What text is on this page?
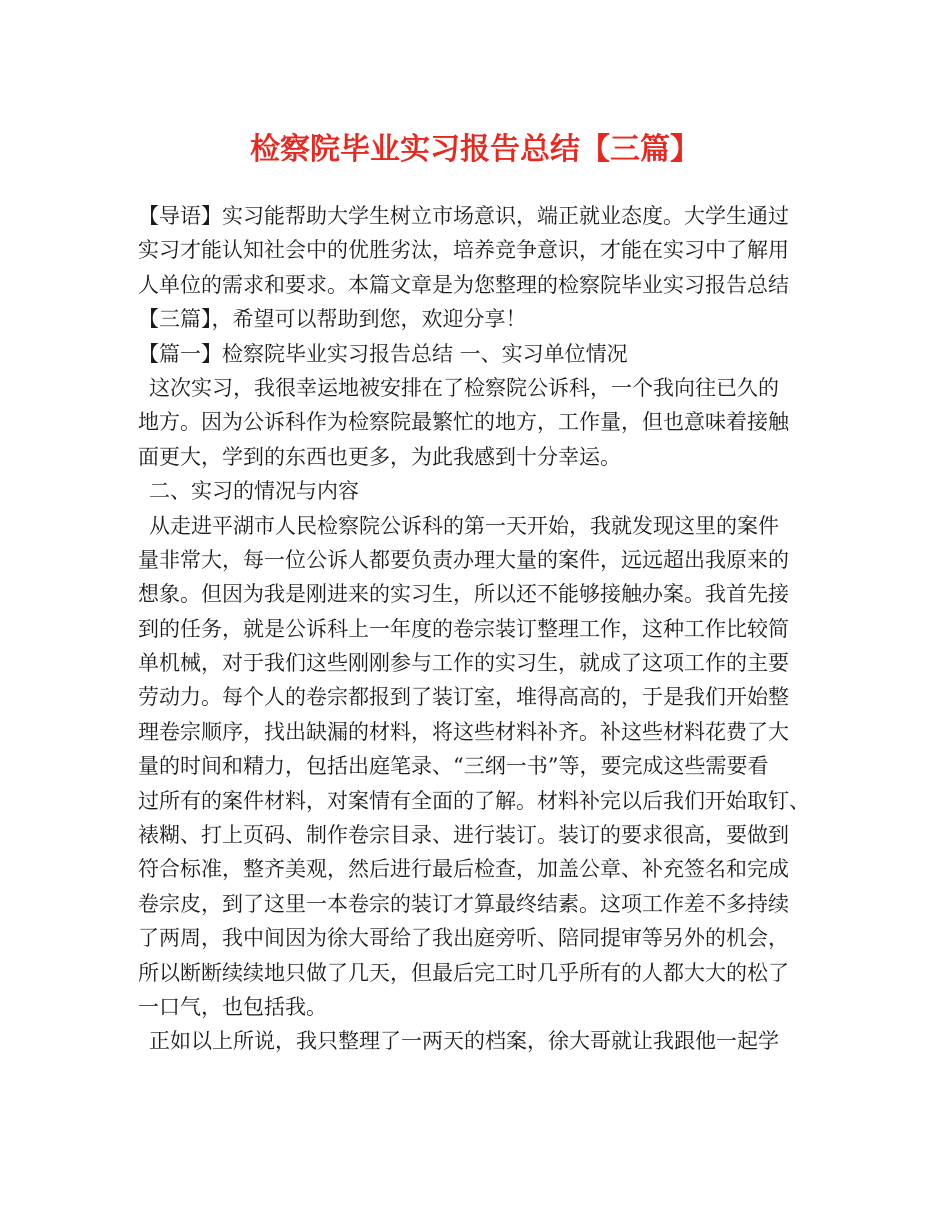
检察院毕业实习报告总结【三篇】
【导语】实习能帮助大学生树立市场意识，端正就业态度。大学生通过
实习才能认知社会中的优胜劣汰，培养竞争意识，才能在实习中了解用
人单位的需求和要求。本篇文章是为您整理的检察院毕业实习报告总结
【三篇】，希望可以帮助到您，欢迎分享！
【篇一】检察院毕业实习报告总结 一、实习单位情况
这次实习，我很幸运地被安排在了检察院公诉科，一个我向往已久的
地方。因为公诉科作为检察院最繁忙的地方，工作量，但也意味着接触
面更大，学到的东西也更多，为此我感到十分幸运。
二、实习的情况与内容
从走进平湖市人民检察院公诉科的第一天开始，我就发现这里的案件
量非常大，每一位公诉人都要负责办理大量的案件，远远超出我原来的
想象。但因为我是刚进来的实习生，所以还不能够接触办案。我首先接
到的任务，就是公诉科上一年度的卷宗装订整理工作，这种工作比较简
单机械，对于我们这些刚刚参与工作的实习生，就成了这项工作的主要
劳动力。每个人的卷宗都报到了装订室，堆得高高的，于是我们开始整
理卷宗顺序，找出缺漏的材料，将这些材料补齐。补这些材料花费了大
量的时间和精力，包括出庭笔录、“三纲一书”等，要完成这些需要看
过所有的案件材料，对案情有全面的了解。材料补完以后我们开始取钉、
裱糊、打上页码、制作卷宗目录、进行装订。装订的要求很高，要做到
符合标准，整齐美观，然后进行最后检查，加盖公章、补充签名和完成
卷宗皮，到了这里一本卷宗的装订才算最终结素。这项工作差不多持续
了两周，我中间因为徐大哥给了我出庭旁听、陪同提审等另外的机会，
所以断断续续地只做了几天，但最后完工时几乎所有的人都大大的松了
一口气，也包括我。
正如以上所说，我只整理了一两天的档案，徐大哥就让我跟他一起学
